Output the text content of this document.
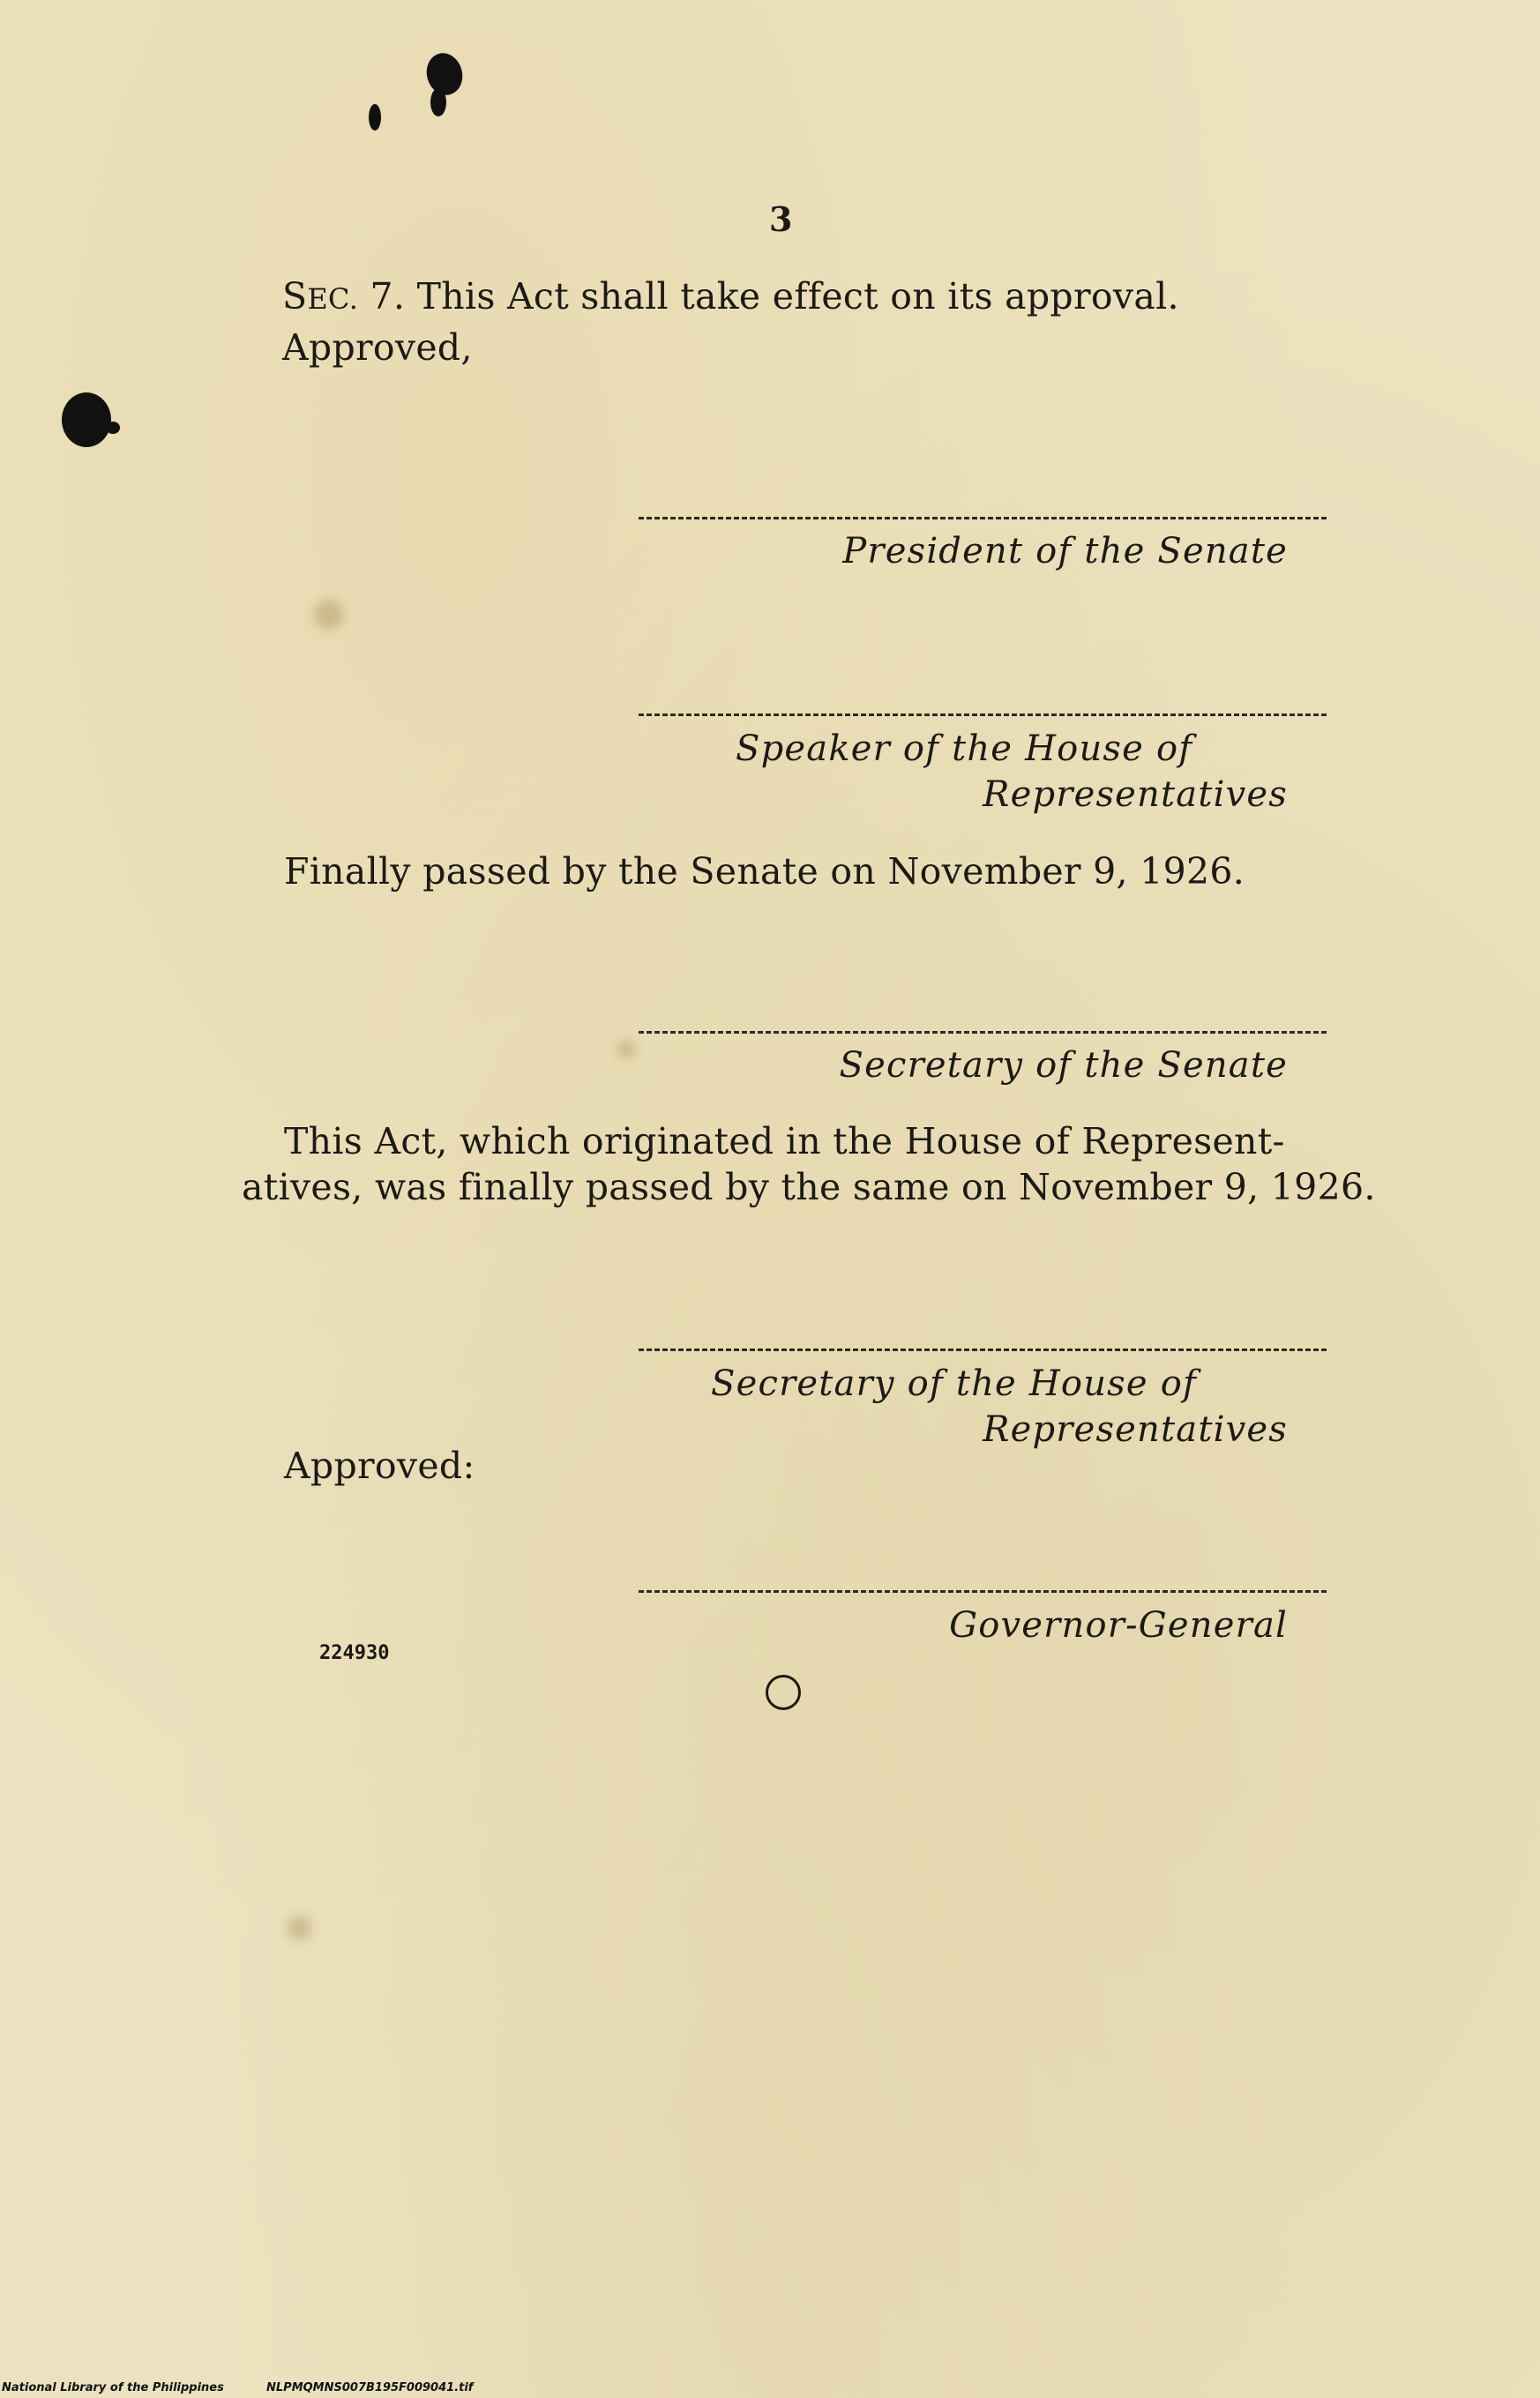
3
SEC. 7. This Act shall take effect on its approval.
Approved,
President of the Senate
Speaker of the House of
Representatives
Finally passed by the Senate on November 9, 1926.
Secretary of the Senate
This Act, which originated in the House of Represent-
atives, was finally passed by the same on November 9, 1926.
Secretary of the House of
Representatives
Approved:
Governor-General
224930
National Library of the Philippines	NLPMQMNS007B195F009041.tif
